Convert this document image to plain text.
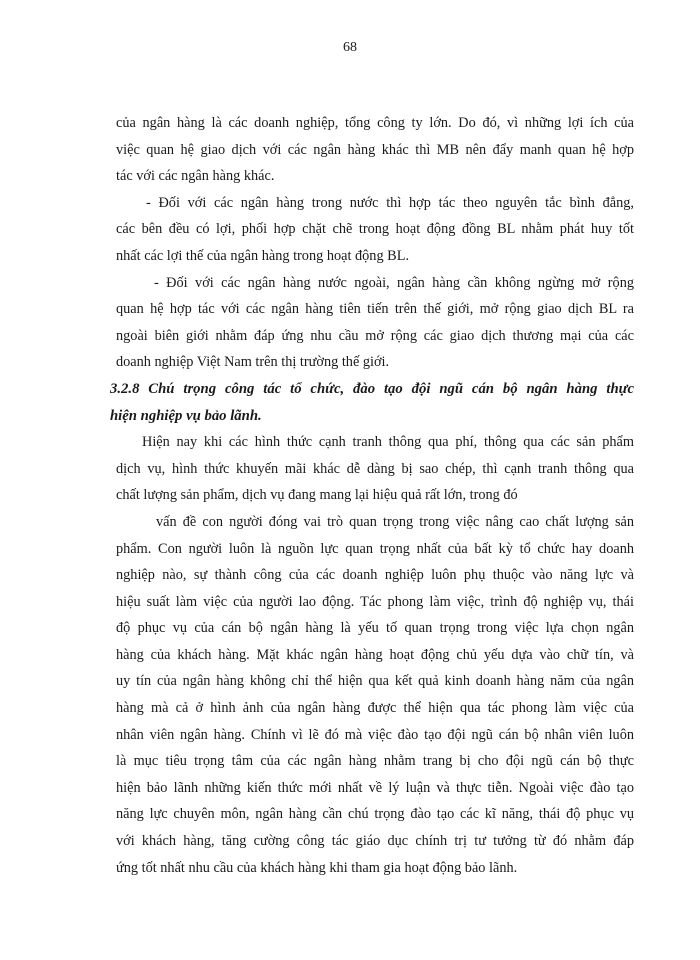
68

của ngân hàng là các doanh nghiệp, tổng công ty lớn. Do đó, vì những lợi ích của
việc quan hệ giao dịch với các ngân hàng khác thì MB nên đẩy manh quan hệ hợp
tác với các ngân hàng khác.

- Đối với các ngân hàng trong nước thì hợp tác theo nguyên tắc bình đẳng,
các bên đều có lợi, phối hợp chặt chẽ trong hoạt động đồng BL nhằm phát huy tốt
nhất các lợi thế của ngân hàng trong hoạt động BL.

- Đối với các ngân hàng nước ngoài, ngân hàng cần không ngừng mở rộng
quan hệ hợp tác với các ngân hàng tiên tiến trên thế giới, mở rộng giao dịch BL ra
ngoài biên giới nhằm đáp ứng nhu cầu mở rộng các giao dịch thương mại của các
doanh nghiệp Việt Nam trên thị trường thế giới.

3.2.8 Chú trọng công tác tổ chức, đào tạo đội ngũ cán bộ ngân hàng thực
hiện nghiệp vụ bảo lãnh.

Hiện nay khi các hình thức cạnh tranh thông qua phí, thông qua các sản phẩm
dịch vụ, hình thức khuyến mãi khác dễ dàng bị sao chép, thì cạnh tranh thông qua
chất lượng sản phẩm, dịch vụ đang mang lại hiệu quả rất lớn, trong đó

vấn đề con người đóng vai trò quan trọng trong việc nâng cao chất lượng sản
phẩm. Con người luôn là nguồn lực quan trọng nhất của bất kỳ tổ chức hay doanh
nghiệp nào, sự thành công của các doanh nghiệp luôn phụ thuộc vào năng lực và
hiệu suất làm việc của người lao động. Tác phong làm việc, trình độ nghiệp vụ, thái
độ phục vụ của cán bộ ngân hàng là yếu tố quan trọng trong việc lựa chọn ngân
hàng của khách hàng. Mặt khác ngân hàng hoạt động chủ yếu dựa vào chữ tín, và
uy tín của ngân hàng không chỉ thể hiện qua kết quả kinh doanh hàng năm của ngân
hàng mà cả ở hình ảnh của ngân hàng được thể hiện qua tác phong làm việc của
nhân viên ngân hàng. Chính vì lẽ đó mà việc đào tạo đội ngũ cán bộ nhân viên luôn
là mục tiêu trọng tâm của các ngân hàng nhằm trang bị cho đội ngũ cán bộ thực
hiện bảo lãnh những kiến thức mới nhất về lý luận và thực tiễn. Ngoài việc đào tạo
năng lực chuyên môn, ngân hàng cần chú trọng đào tạo các kĩ năng, thái độ phục vụ
với khách hàng, tăng cường công tác giáo dục chính trị tư tưởng từ đó nhằm đáp
ứng tốt nhất nhu cầu của khách hàng khi tham gia hoạt động bảo lãnh.
